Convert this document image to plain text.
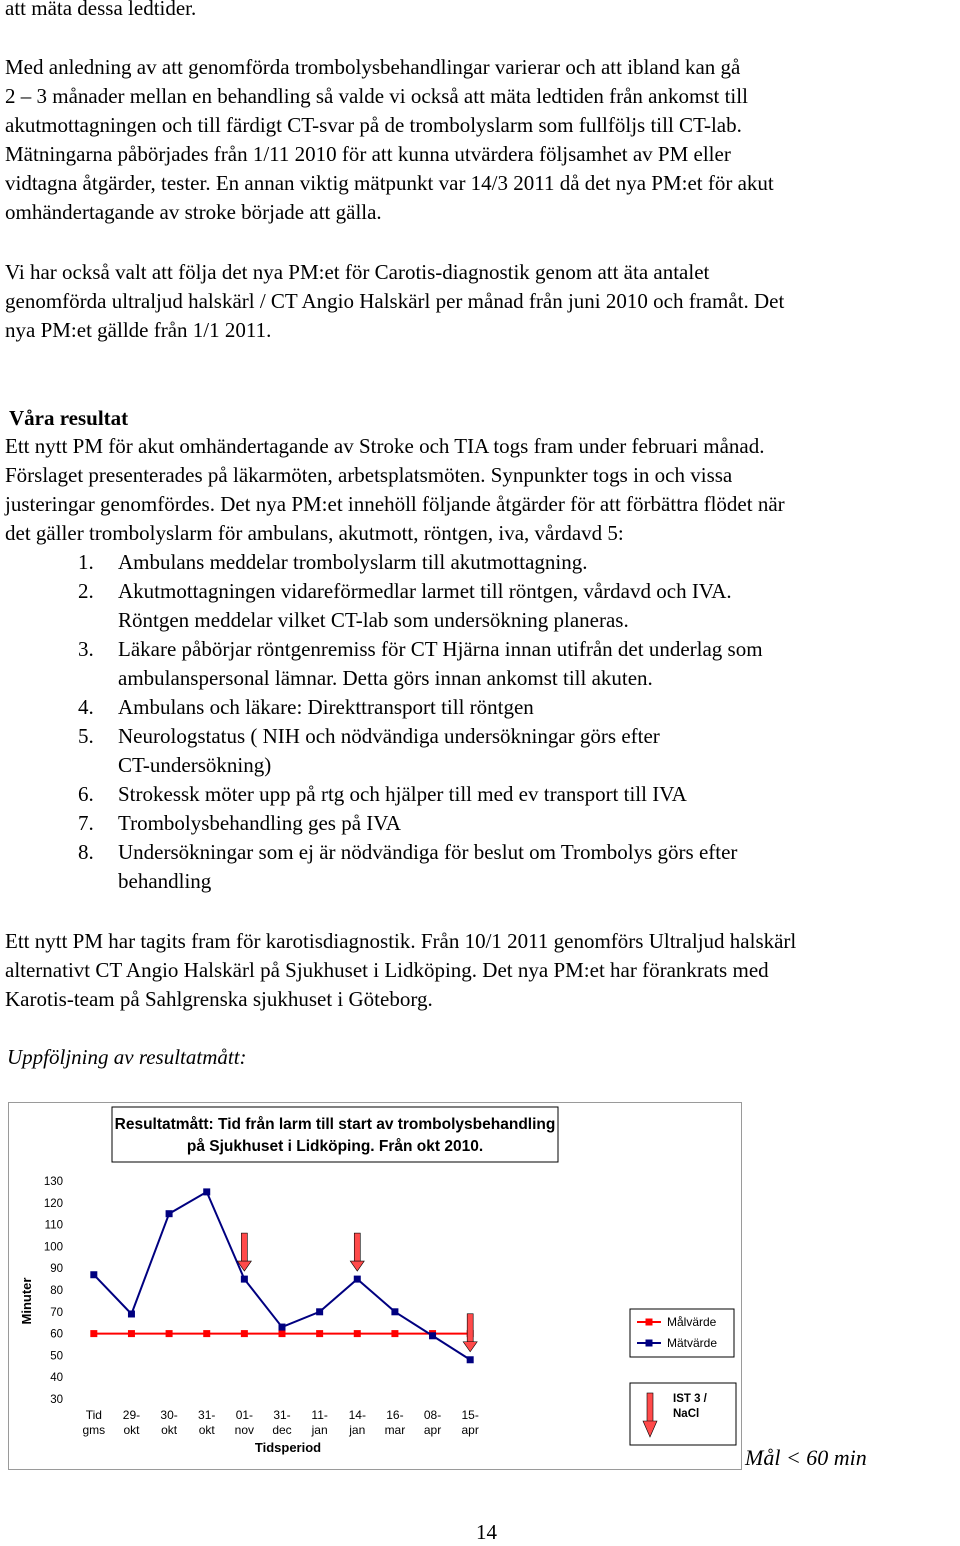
att mäta dessa ledtider.
Med anledning av att genomförda trombolysbehandlingar varierar och att ibland kan gå
2 – 3 månader mellan en behandling så valde vi också att mäta ledtiden från ankomst till
akutmottagningen och till färdigt CT-svar på de trombolyslarm som fullföljs till CT-lab.
Mätningarna påbörjades från 1/11 2010 för att kunna utvärdera följsamhet av PM eller
vidtagna åtgärder, tester. En annan viktig mätpunkt var 14/3 2011 då det nya PM:et för akut
omhändertagande av stroke började att gälla.
Vi har också valt att följa det nya PM:et för Carotis-diagnostik genom att äta antalet
genomförda ultraljud halskärl / CT Angio Halskärl per månad från juni 2010 och framåt. Det
nya PM:et gällde från 1/1 2011.
Våra resultat
Ett nytt PM för akut omhändertagande av Stroke och TIA togs fram under februari månad.
Förslaget presenterades på läkarmöten, arbetsplatsmöten. Synpunkter togs in och vissa
justeringar genomfördes. Det nya PM:et innehöll följande åtgärder för att förbättra flödet när
det gäller trombolyslarm för ambulans, akutmott, röntgen, iva, vårdavd 5:
1. Ambulans meddelar trombolyslarm till akutmottagning.
2. Akutmottagningen vidareförmedlar larmet till röntgen, vårdavd och IVA.
Röntgen meddelar vilket CT-lab som undersökning planeras.
3. Läkare påbörjar röntgenremiss för CT Hjärna innan utifrån det underlag som
ambulanspersonal lämnar. Detta görs innan ankomst till akuten.
4. Ambulans och läkare: Direkttransport till röntgen
5. Neurologstatus ( NIH och nödvändiga undersökningar görs efter
CT-undersökning)
6. Strokessk möter upp på rtg och hjälper till med ev transport till IVA
7. Trombolysbehandling ges på IVA
8. Undersökningar som ej är nödvändiga för beslut om Trombolys görs efter
behandling
Ett nytt PM har tagits fram för karotisdiagnostik. Från 10/1 2011 genomförs Ultraljud halskärl
alternativt CT Angio Halskärl på Sjukhuset i Lidköping. Det nya PM:et har förankrats med
Karotis-team på Sahlgrenska sjukhuset i Göteborg.
Uppföljning av resultatmått:
Resultatmått: Tid från larm till start av trombolysbehandling
på Sjukhuset i Lidköping. Från okt 2010.
30
40
50
60
70
80
90
100
110
120
130
Minuter
Tid
gms
29-
okt
30-
okt
31-
okt
01-
nov
31-
dec
11-
jan
14-
jan
16-
mar
08-
apr
15-
apr
Tidsperiod
Målvärde
Mätvärde
IST 3 /
NaCl
Mål < 60 min
14
